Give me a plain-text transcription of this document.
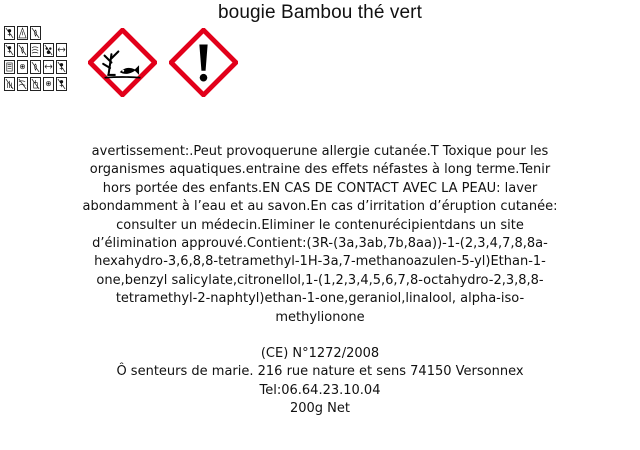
bougie Bambou thé vert

avertissement:.Peut provoquerune allergie cutanée.T Toxique pour les organismes aquatiques.entraine des effets néfastes à long terme.Tenir hors portée des enfants.EN CAS DE CONTACT AVEC LA PEAU: laver abondamment à l’eau et au savon.En cas d’irritation d’éruption cutanée: consulter un médecin.Eliminer le contenurécipientdans un site d’élimination approuvé.Contient:(3R-(3a,3ab,7b,8aa))-1-(2,3,4,7,8,8a-hexahydro-3,6,8,8-tetramethyl-1H-3a,7-methanoazulen-5-yl)Ethan-1-one,benzyl salicylate,citronellol,1-(1,2,3,4,5,6,7,8-octahydro-2,3,8,8-tetramethyl-2-naphtyl)ethan-1-one,geraniol,linalool, alpha-iso-methylionone

(CE) N°1272/2008

Ô senteurs de marie. 216 rue nature et sens 74150 Versonnex

Tel:06.64.23.10.04

200g Net
